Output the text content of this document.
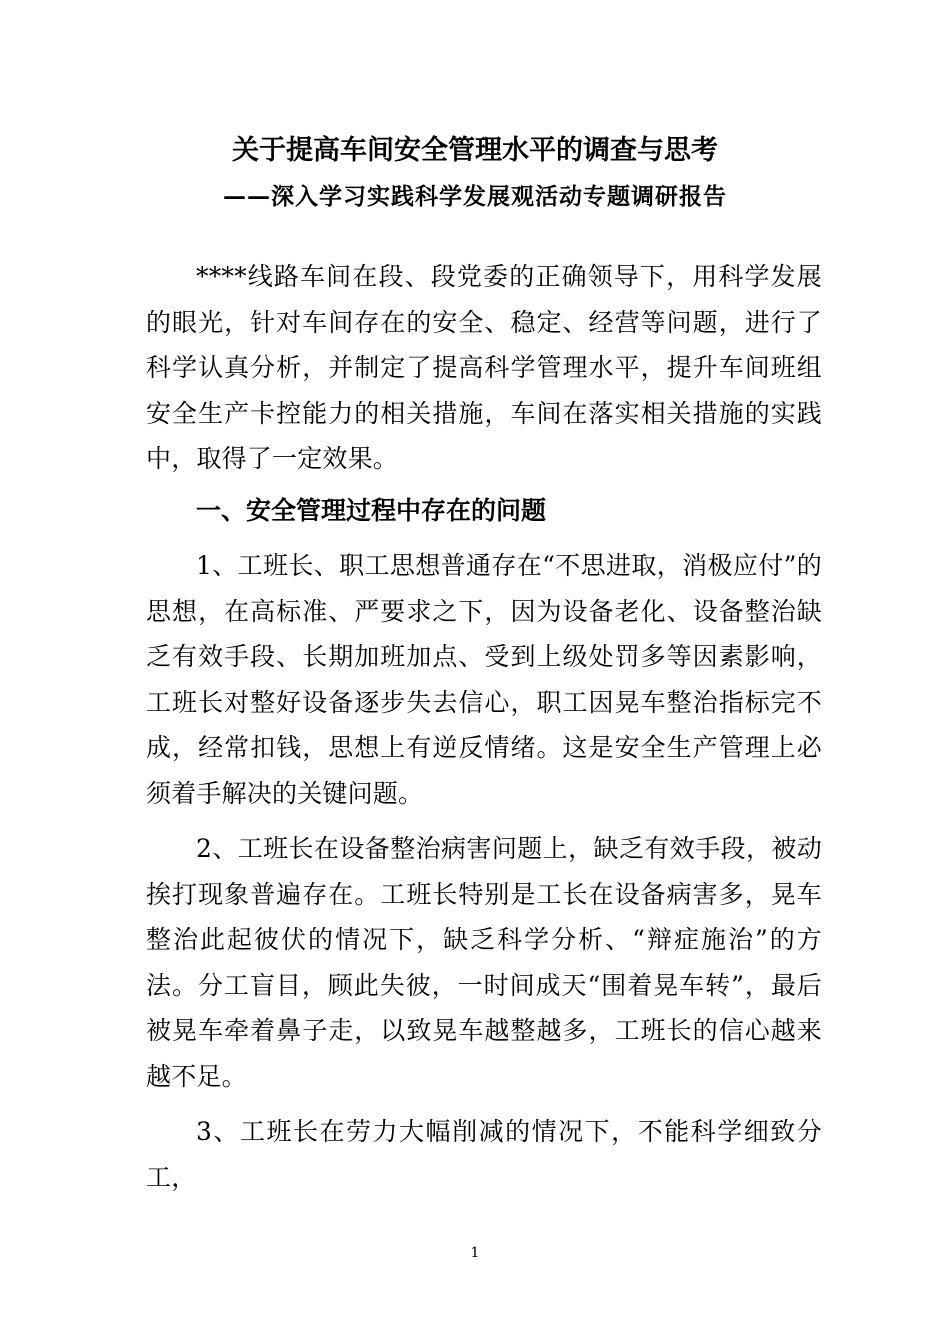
关于提高车间安全管理水平的调查与思考
——深入学习实践科学发展观活动专题调研报告

****线路车间在段、段党委的正确领导下，用科学发展的眼光，针对车间存在的安全、稳定、经营等问题，进行了科学认真分析，并制定了提高科学管理水平，提升车间班组安全生产卡控能力的相关措施，车间在落实相关措施的实践中，取得了一定效果。

一、安全管理过程中存在的问题

1、工班长、职工思想普通存在“不思进取，消极应付”的思想，在高标准、严要求之下，因为设备老化、设备整治缺乏有效手段、长期加班加点、受到上级处罚多等因素影响，工班长对整好设备逐步失去信心，职工因晃车整治指标完不成，经常扣钱，思想上有逆反情绪。这是安全生产管理上必须着手解决的关键问题。

2、工班长在设备整治病害问题上，缺乏有效手段，被动挨打现象普遍存在。工班长特别是工长在设备病害多，晃车整治此起彼伏的情况下，缺乏科学分析、“辩症施治”的方法。分工盲目，顾此失彼，一时间成天“围着晃车转”，最后被晃车牵着鼻子走，以致晃车越整越多，工班长的信心越来越不足。

3、工班长在劳力大幅削减的情况下，不能科学细致分工，

1
